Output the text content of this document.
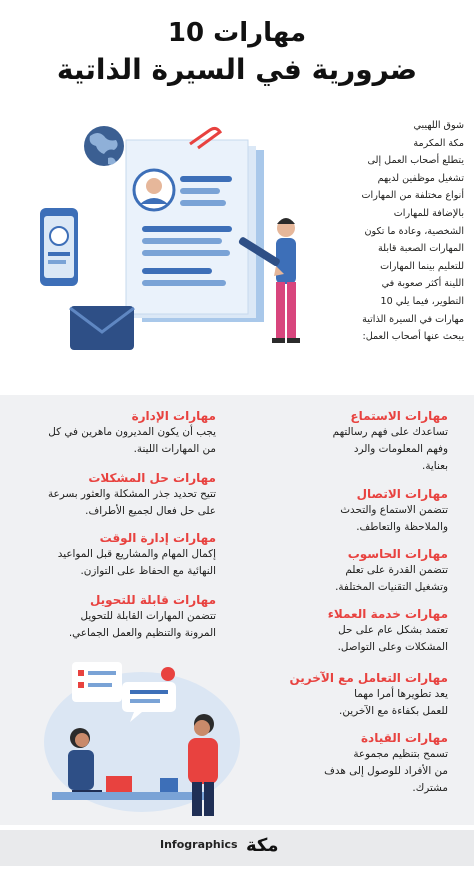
10 مهارات
ضرورية في السيرة الذاتية
شوق اللهيبي
مكة المكرمة
يتطلع أصحاب العمل إلى
تشغيل موظفين لديهم
أنواع مختلفة من المهارات
بالإضافة للمهارات
الشخصية، وعادة ما تكون
المهارات الصعبة قابلة
للتعليم بينما المهارات
اللينة أكثر صعوبة في
التطوير، فيما يلي 10
مهارات في السيرة الذاتية
يبحث عنها أصحاب العمل:
مهارات الاستماع
تساعدك على فهم رسالتهم
وفهم المعلومات والرد
بعناية.
مهارات الاتصال
تتضمن الاستماع والتحدث
والملاحظة والتعاطف.
مهارات الحاسوب
تتضمن القدرة على تعلم
وتشغيل التقنيات المختلفة.
مهارات خدمة العملاء
تعتمد بشكل عام على حل
المشكلات وعلى التواصل.
مهارات التعامل مع الآخرين
يعد تطويرها أمرا مهما
للعمل بكفاءة مع الآخرين.
مهارات القيادة
تسمح بتنظيم مجموعة
من الأفراد للوصول إلى هدف
مشترك.
مهارات الإدارة
يجب أن يكون المديرون ماهرين في كل
من المهارات اللينة.
مهارات حل المشكلات
تتيح تحديد جذر المشكلة والعثور بسرعة
على حل فعال لجميع الأطراف.
مهارات إدارة الوقت
إكمال المهام والمشاريع قبل المواعيد
النهائية مع الحفاظ على التوازن.
مهارات قابلة للتحويل
تتضمن المهارات القابلة للتحويل
المرونة والتنظيم والعمل الجماعي.
Infographics مكة
